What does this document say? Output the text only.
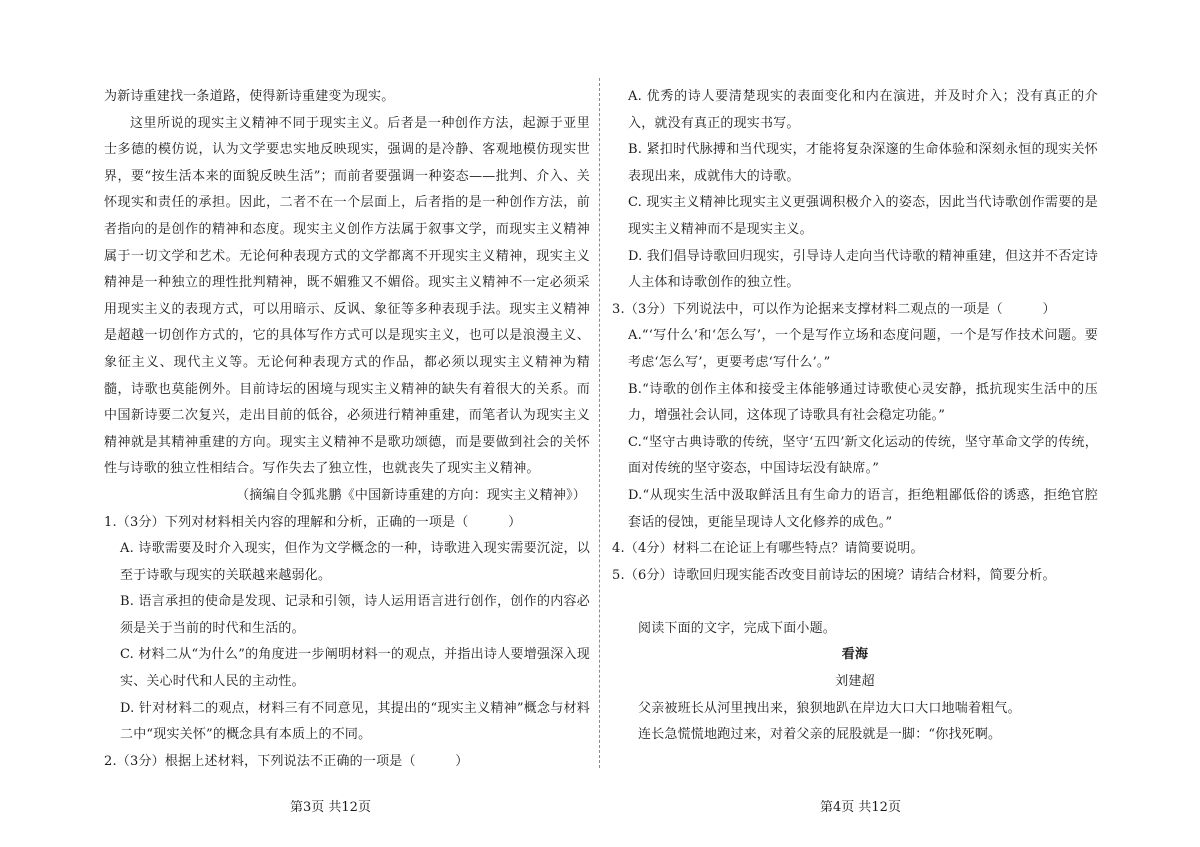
为新诗重建找一条道路，使得新诗重建变为现实。

这里所说的现实主义精神不同于现实主义。后者是一种创作方法，起源于亚里士多德的模仿说，认为文学要忠实地反映现实，强调的是冷静、客观地模仿现实世界，要“按生活本来的面貌反映生活”；而前者要强调一种姿态——批判、介入、关怀现实和责任的承担。因此，二者不在一个层面上，后者指的是一种创作方法，前者指向的是创作的精神和态度。现实主义创作方法属于叙事文学，而现实主义精神属于一切文学和艺术。无论何种表现方式的文学都离不开现实主义精神，现实主义精神是一种独立的理性批判精神，既不媚雅又不媚俗。现实主义精神不一定必须采用现实主义的表现方式，可以用暗示、反讽、象征等多种表现手法。现实主义精神是超越一切创作方式的，它的具体写作方式可以是现实主义，也可以是浪漫主义、象征主义、现代主义等。无论何种表现方式的作品，都必须以现实主义精神为精髓，诗歌也莫能例外。目前诗坛的困境与现实主义精神的缺失有着很大的关系。而中国新诗要二次复兴，走出目前的低谷，必须进行精神重建，而笔者认为现实主义精神就是其精神重建的方向。现实主义精神不是歌功颂德，而是要做到社会的关怀性与诗歌的独立性相结合。写作失去了独立性，也就丧失了现实主义精神。

（摘编自令狐兆鹏《中国新诗重建的方向：现实主义精神》）

1.（3分）下列对材料相关内容的理解和分析，正确的一项是（　　　）

A. 诗歌需要及时介入现实，但作为文学概念的一种，诗歌进入现实需要沉淀，以至于诗歌与现实的关联越来越弱化。

B. 语言承担的使命是发现、记录和引领，诗人运用语言进行创作，创作的内容必须是关于当前的时代和生活的。

C. 材料二从“为什么”的角度进一步阐明材料一的观点，并指出诗人要增强深入现实、关心时代和人民的主动性。

D. 针对材料二的观点，材料三有不同意见，其提出的“现实主义精神”概念与材料二中“现实关怀”的概念具有本质上的不同。

2.（3分）根据上述材料，下列说法不正确的一项是（　　　）

A. 优秀的诗人要清楚现实的表面变化和内在演进，并及时介入；没有真正的介入，就没有真正的现实书写。

B. 紧扣时代脉搏和当代现实，才能将复杂深邃的生命体验和深刻永恒的现实关怀表现出来，成就伟大的诗歌。

C. 现实主义精神比现实主义更强调积极介入的姿态，因此当代诗歌创作需要的是现实主义精神而不是现实主义。

D. 我们倡导诗歌回归现实，引导诗人走向当代诗歌的精神重建，但这并不否定诗人主体和诗歌创作的独立性。

3.（3分）下列说法中，可以作为论据来支撑材料二观点的一项是（　　　）

A.“‘写什么’和‘怎么写’，一个是写作立场和态度问题，一个是写作技术问题。要考虑‘怎么写’，更要考虑‘写什么’。”

B.“诗歌的创作主体和接受主体能够通过诗歌使心灵安静，抵抗现实生活中的压力，增强社会认同，这体现了诗歌具有社会稳定功能。”

C.“坚守古典诗歌的传统，坚守‘五四’新文化运动的传统，坚守革命文学的传统，面对传统的坚守姿态，中国诗坛没有缺席。”

D.“从现实生活中汲取鲜活且有生命力的语言，拒绝粗鄙低俗的诱惑，拒绝官腔套话的侵蚀，更能呈现诗人文化修养的成色。”

4.（4分）材料二在论证上有哪些特点？请简要说明。

5.（6分）诗歌回归现实能否改变目前诗坛的困境？请结合材料，简要分析。

阅读下面的文字，完成下面小题。

看海

刘建超

父亲被班长从河里拽出来，狼狈地趴在岸边大口大口地喘着粗气。

连长急慌慌地跑过来，对着父亲的屁股就是一脚：“你找死啊。

第3页 共12页	第4页 共12页
